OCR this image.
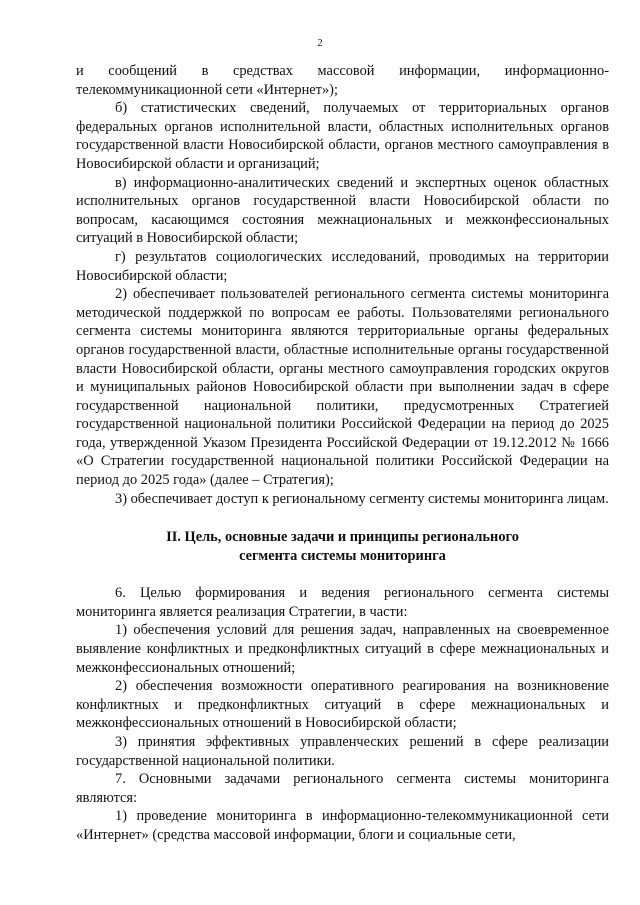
2

и сообщений в средствах массовой информации, информационно-телекоммуникационной сети «Интернет»);

б) статистических сведений, получаемых от территориальных органов федеральных органов исполнительной власти, областных исполнительных органов государственной власти Новосибирской области, органов местного самоуправления в Новосибирской области и организаций;

в) информационно-аналитических сведений и экспертных оценок областных исполнительных органов государственной власти Новосибирской области по вопросам, касающимся состояния межнациональных и межконфессиональных ситуаций в Новосибирской области;

г) результатов социологических исследований, проводимых на территории Новосибирской области;

2) обеспечивает пользователей регионального сегмента системы мониторинга методической поддержкой по вопросам ее работы. Пользователями регионального сегмента системы мониторинга являются территориальные органы федеральных органов государственной власти, областные исполнительные органы государственной власти Новосибирской области, органы местного самоуправления городских округов и муниципальных районов Новосибирской области при выполнении задач в сфере государственной национальной политики, предусмотренных Стратегией государственной национальной политики Российской Федерации на период до 2025 года, утвержденной Указом Президента Российской Федерации от 19.12.2012 № 1666 «О Стратегии государственной национальной политики Российской Федерации на период до 2025 года» (далее – Стратегия);

3) обеспечивает доступ к региональному сегменту системы мониторинга лицам.

II. Цель, основные задачи и принципы регионального
сегмента системы мониторинга

6. Целью формирования и ведения регионального сегмента системы мониторинга является реализация Стратегии, в части:

1) обеспечения условий для решения задач, направленных на своевременное выявление конфликтных и предконфликтных ситуаций в сфере межнациональных и межконфессиональных отношений;

2) обеспечения возможности оперативного реагирования на возникновение конфликтных и предконфликтных ситуаций в сфере межнациональных и межконфессиональных отношений в Новосибирской области;

3) принятия эффективных управленческих решений в сфере реализации государственной национальной политики.

7. Основными задачами регионального сегмента системы мониторинга являются:

1) проведение мониторинга в информационно-телекоммуникационной сети «Интернет» (средства массовой информации, блоги и социальные сети,
